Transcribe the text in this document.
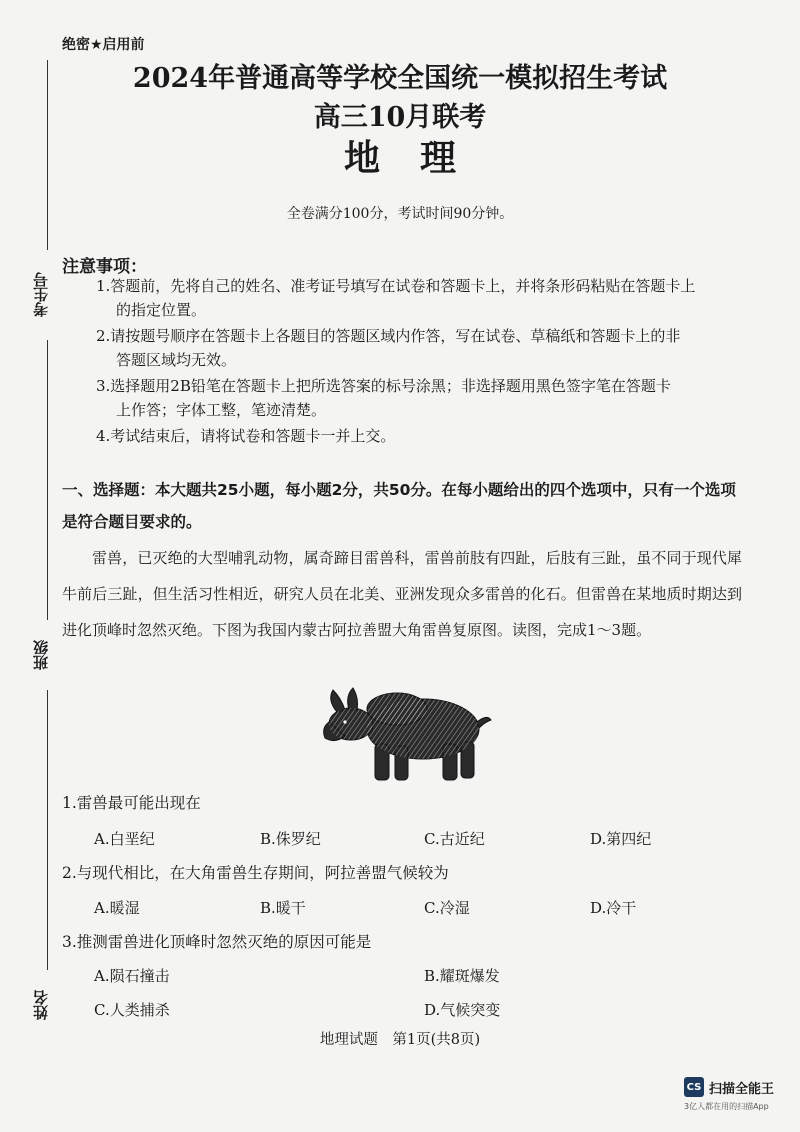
考生号
班级
姓名
绝密★启用前
2024年普通高等学校全国统一模拟招生考试
高三10月联考
地理
全卷满分100分，考试时间90分钟。
注意事项：
1.答题前，先将自己的姓名、准考证号填写在试卷和答题卡上，并将条形码粘贴在答题卡上
的指定位置。
2.请按题号顺序在答题卡上各题目的答题区域内作答，写在试卷、草稿纸和答题卡上的非
答题区域均无效。
3.选择题用2B铅笔在答题卡上把所选答案的标号涂黑；非选择题用黑色签字笔在答题卡
上作答；字体工整，笔迹清楚。
4.考试结束后，请将试卷和答题卡一并上交。
一、选择题：本大题共25小题，每小题2分，共50分。在每小题给出的四个选项中，只有一个选项是符合题目要求的。
雷兽，已灭绝的大型哺乳动物，属奇蹄目雷兽科，雷兽前肢有四趾，后肢有三趾，虽不同于现代犀牛前后三趾，但生活习性相近，研究人员在北美、亚洲发现众多雷兽的化石。但雷兽在某地质时期达到进化顶峰时忽然灭绝。下图为我国内蒙古阿拉善盟大角雷兽复原图。读图，完成1～3题。
1.雷兽最可能出现在
A.白垩纪	B.侏罗纪	C.古近纪	D.第四纪
2.与现代相比，在大角雷兽生存期间，阿拉善盟气候较为
A.暖湿	B.暖干	C.冷湿	D.冷干
3.推测雷兽进化顶峰时忽然灭绝的原因可能是
A.陨石撞击	B.耀斑爆发
C.人类捕杀	D.气候突变
地理试题　第1页(共8页)
CS 扫描全能王
3亿人都在用的扫描App
